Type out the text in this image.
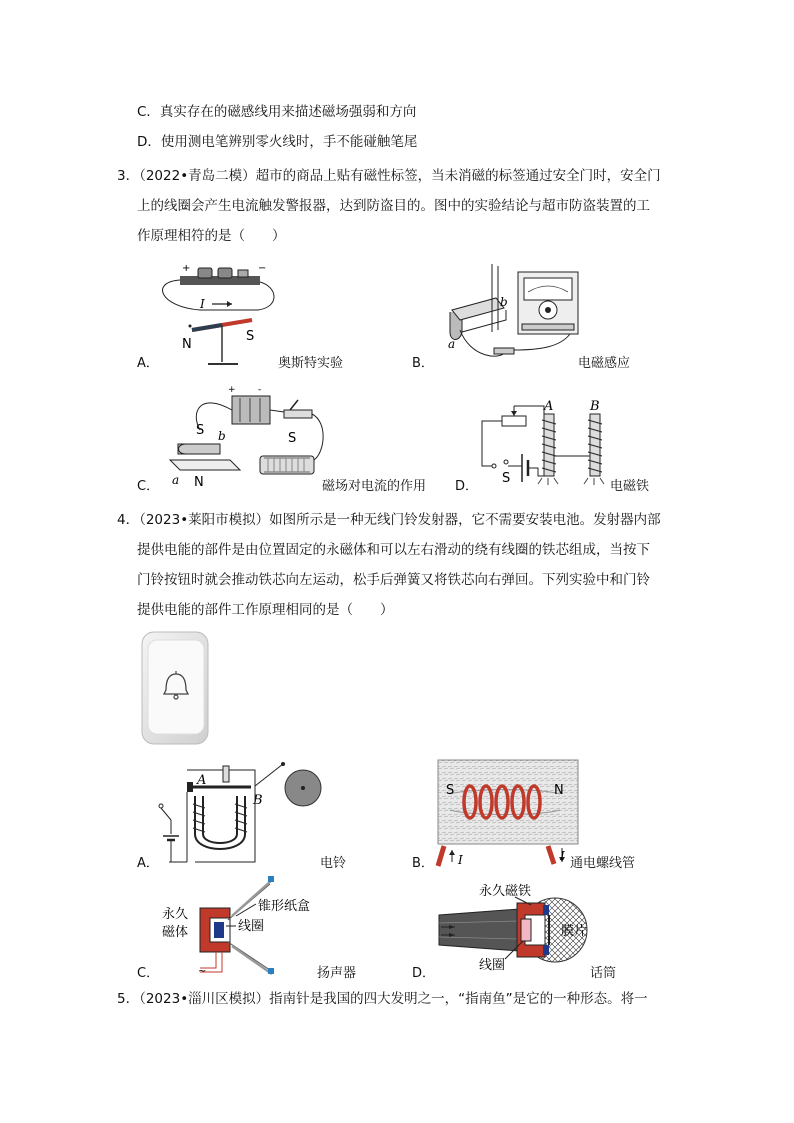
C．真实存在的磁感线用来描述磁场强弱和方向
D．使用测电笔辨别零火线时，手不能碰触笔尾
3．（2022•青岛二模）超市的商品上贴有磁性标签，当未消磁的标签通过安全门时，安全门
上的线圈会产生电流触发警报器，达到防盗目的。图中的实验结论与超市防盗装置的工
作原理相符的是（　　）
+	−
I
N
S
A．	奥斯特实验
b
a
B．	电磁感应
+ -
S
S b
a N
C．	磁场对电流的作用
A	B
S
D．	电磁铁
4．（2023•莱阳市模拟）如图所示是一种无线门铃发射器，它不需要安装电池。发射器内部
提供电能的部件是由位置固定的永磁体和可以左右滑动的绕有线圈的铁芯组成，当按下
门铃按钮时就会推动铁芯向左运动，松手后弹簧又将铁芯向右弹回。下列实验中和门铃
提供电能的部件工作原理相同的是（　　）
A
B
A．	电铃
S	N
I	I
B．	通电螺线管
永久
磁体
锥形纸盒
线圈
~
C．	扬声器
永久磁铁
膜片
线圈
D．	话筒
5．（2023•淄川区模拟）指南针是我国的四大发明之一，“指南鱼”是它的一种形态。将一
